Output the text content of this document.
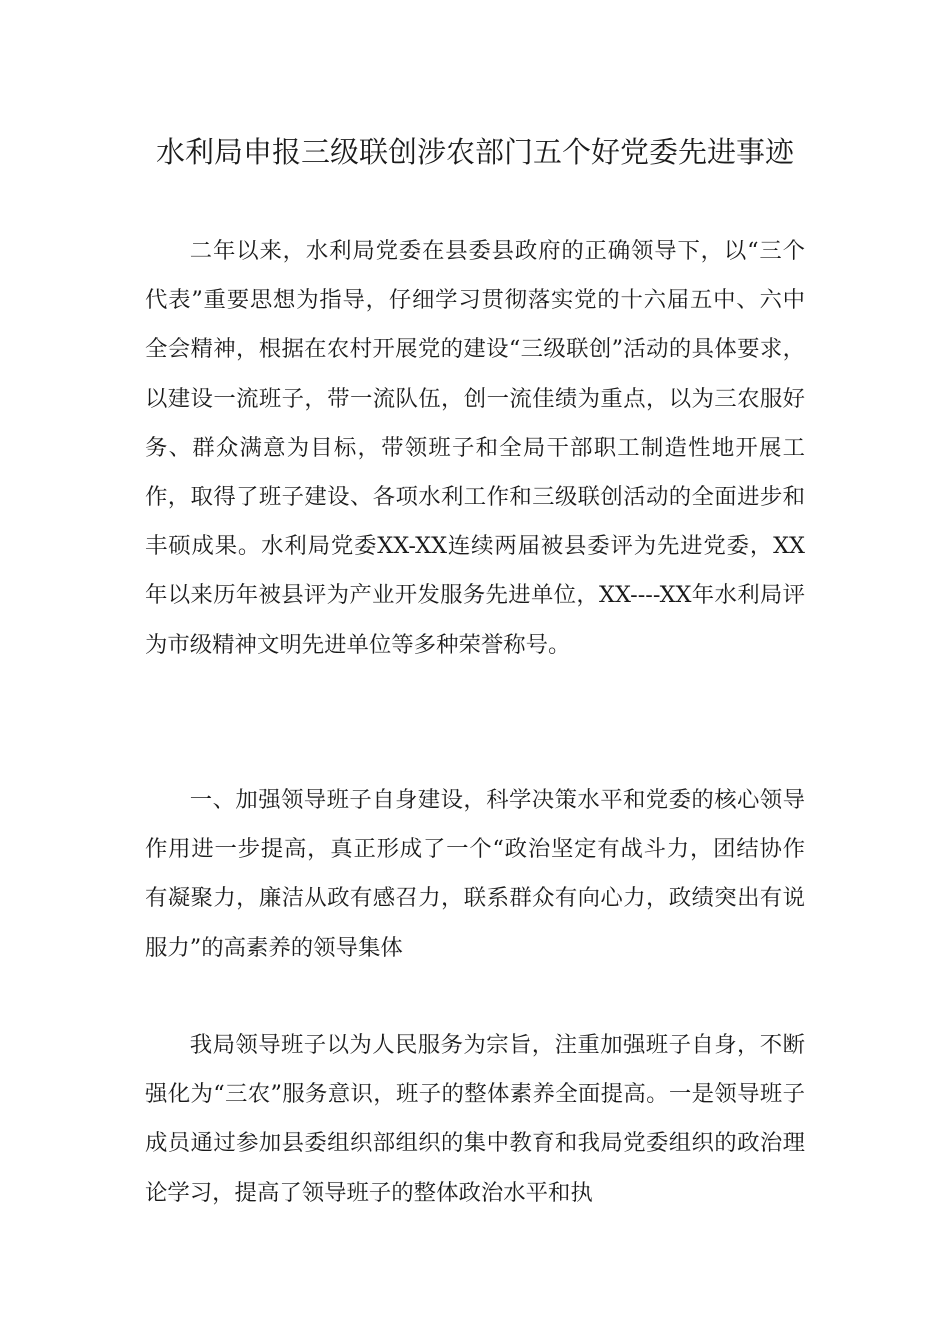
水利局申报三级联创涉农部门五个好党委先进事迹

二年以来，水利局党委在县委县政府的正确领导下，以“三个代表”重要思想为指导，仔细学习贯彻落实党的十六届五中、六中全会精神，根据在农村开展党的建设“三级联创”活动的具体要求，以建设一流班子，带一流队伍，创一流佳绩为重点，以为三农服好务、群众满意为目标，带领班子和全局干部职工制造性地开展工作，取得了班子建设、各项水利工作和三级联创活动的全面进步和丰硕成果。水利局党委XX-XX连续两届被县委评为先进党委，XX年以来历年被县评为产业开发服务先进单位，XX----XX年水利局评为市级精神文明先进单位等多种荣誉称号。

一、加强领导班子自身建设，科学决策水平和党委的核心领导作用进一步提高，真正形成了一个“政治坚定有战斗力，团结协作有凝聚力，廉洁从政有感召力，联系群众有向心力，政绩突出有说服力”的高素养的领导集体

我局领导班子以为人民服务为宗旨，注重加强班子自身，不断强化为“三农”服务意识，班子的整体素养全面提高。一是领导班子成员通过参加县委组织部组织的集中教育和我局党委组织的政治理论学习，提高了领导班子的整体政治水平和执
